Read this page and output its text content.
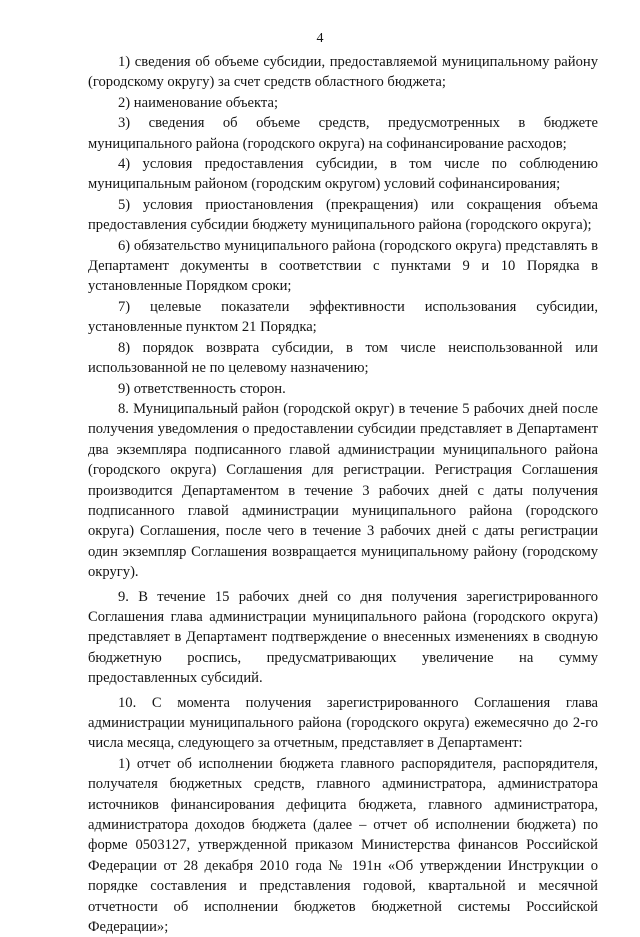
4

1) сведения об объеме субсидии, предоставляемой муниципальному району (городскому округу) за счет средств областного бюджета;

2) наименование объекта;

3) сведения об объеме средств, предусмотренных в бюджете муниципального района (городского округа) на софинансирование расходов;

4) условия предоставления субсидии, в том числе по соблюдению муниципальным районом (городским округом) условий софинансирования;

5) условия приостановления (прекращения) или сокращения объема предоставления субсидии бюджету муниципального района (городского округа);

6) обязательство муниципального района (городского округа) представлять в Департамент документы в соответствии с пунктами 9 и 10 Порядка в установленные Порядком сроки;

7) целевые показатели эффективности использования субсидии, установленные пунктом 21 Порядка;

8) порядок возврата субсидии, в том числе неиспользованной или использованной не по целевому назначению;

9) ответственность сторон.

8. Муниципальный район (городской округ) в течение 5 рабочих дней после получения уведомления о предоставлении субсидии представляет в Департамент два экземпляра подписанного главой администрации муниципального района (городского округа) Соглашения для регистрации. Регистрация Соглашения производится Департаментом в течение 3 рабочих дней с даты получения подписанного главой администрации муниципального района (городского округа) Соглашения, после чего в течение 3 рабочих дней с даты регистрации один экземпляр Соглашения возвращается муниципальному району (городскому округу).

9. В течение 15 рабочих дней со дня получения зарегистрированного Соглашения глава администрации муниципального района (городского округа) представляет в Департамент подтверждение о внесенных изменениях в сводную бюджетную роспись, предусматривающих увеличение на сумму предоставленных субсидий.

10. С момента получения зарегистрированного Соглашения глава администрации муниципального района (городского округа) ежемесячно до 2-го числа месяца, следующего за отчетным, представляет в Департамент:

1) отчет об исполнении бюджета главного распорядителя, распорядителя, получателя бюджетных средств, главного администратора, администратора источников финансирования дефицита бюджета, главного администратора, администратора доходов бюджета (далее – отчет об исполнении бюджета) по форме 0503127, утвержденной приказом Министерства финансов Российской Федерации от 28 декабря 2010 года № 191н «Об утверждении Инструкции о порядке составления и представления годовой, квартальной и месячной отчетности об исполнении бюджетов бюджетной системы Российской Федерации»;
